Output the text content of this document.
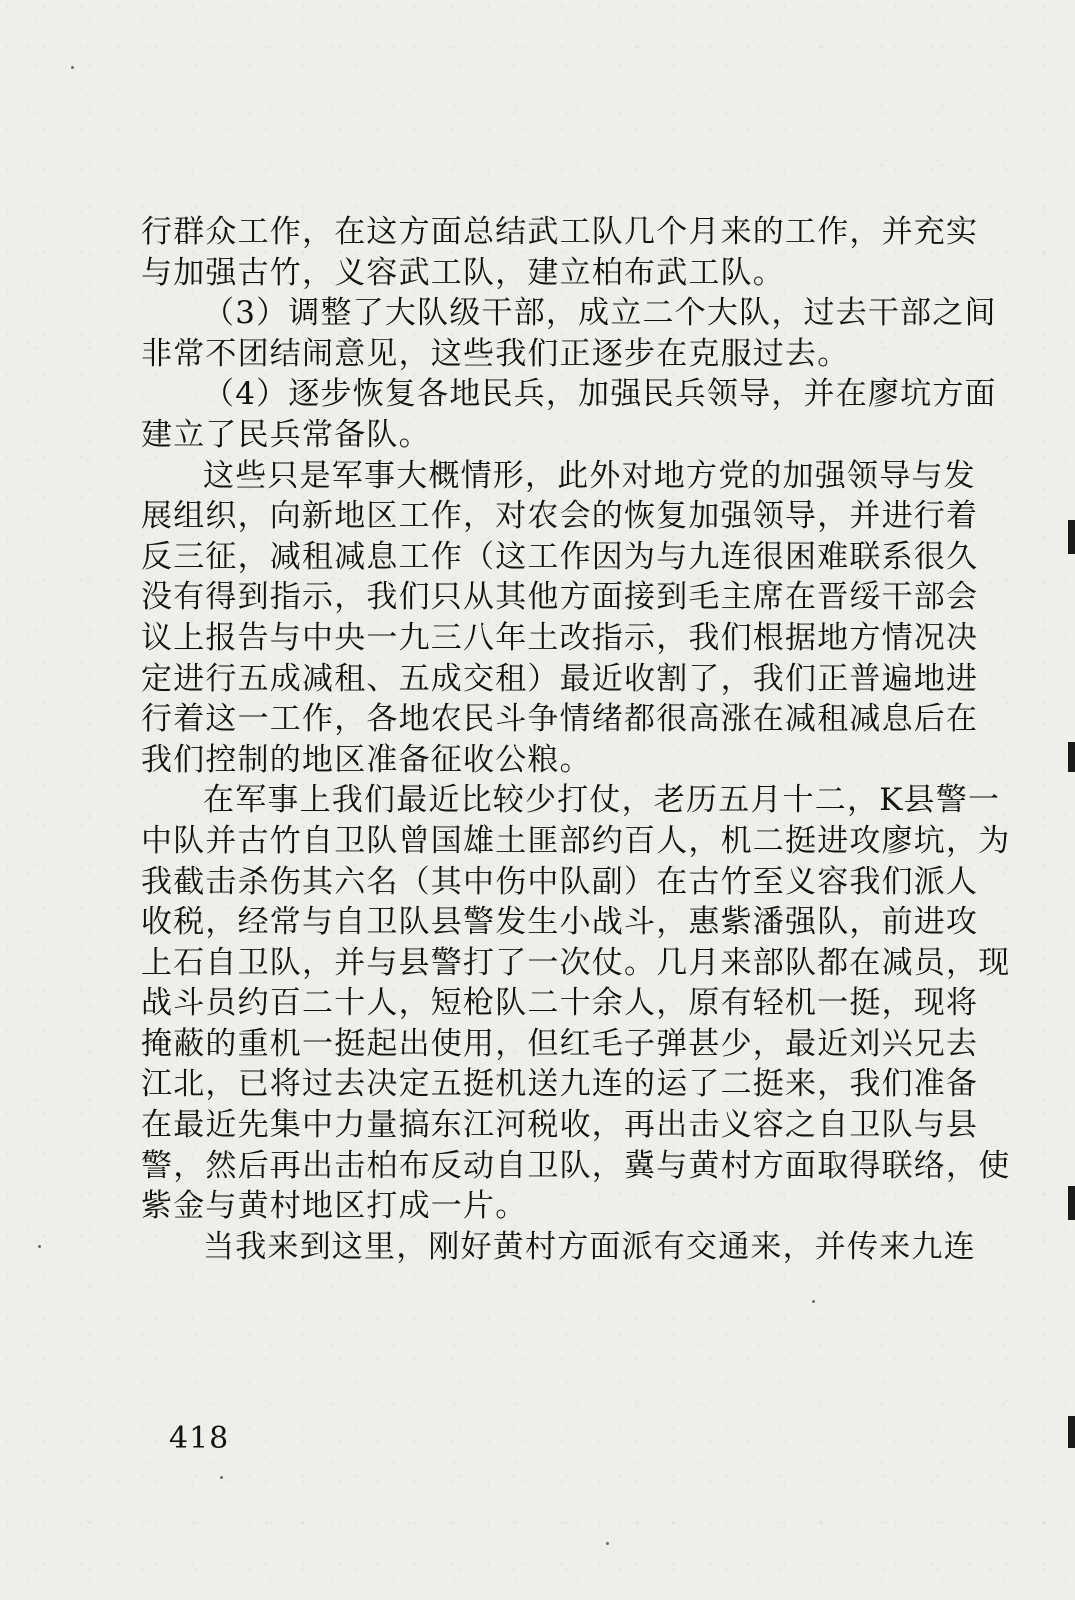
行群众工作，在这方面总结武工队几个月来的工作，并充实
与加强古竹，义容武工队，建立柏布武工队。
（3）调整了大队级干部，成立二个大队，过去干部之间
非常不团结闹意见，这些我们正逐步在克服过去。
（4）逐步恢复各地民兵，加强民兵领导，并在廖坑方面
建立了民兵常备队。
这些只是军事大概情形，此外对地方党的加强领导与发
展组织，向新地区工作，对农会的恢复加强领导，并进行着
反三征，减租减息工作（这工作因为与九连很困难联系很久
没有得到指示，我们只从其他方面接到毛主席在晋绥干部会
议上报告与中央一九三八年土改指示，我们根据地方情况决
定进行五成减租、五成交租）最近收割了，我们正普遍地进
行着这一工作，各地农民斗争情绪都很高涨在减租减息后在
我们控制的地区准备征收公粮。
在军事上我们最近比较少打仗，老历五月十二，K县警一
中队并古竹自卫队曾国雄土匪部约百人，机二挺进攻廖坑，为
我截击杀伤其六名（其中伤中队副）在古竹至义容我们派人
收税，经常与自卫队县警发生小战斗，惠紫潘强队，前进攻
上石自卫队，并与县警打了一次仗。几月来部队都在减员，现
战斗员约百二十人，短枪队二十余人，原有轻机一挺，现将
掩蔽的重机一挺起出使用，但红毛子弹甚少，最近刘兴兄去
江北，已将过去决定五挺机送九连的运了二挺来，我们准备
在最近先集中力量搞东江河税收，再出击义容之自卫队与县
警，然后再出击柏布反动自卫队，冀与黄村方面取得联络，使
紫金与黄村地区打成一片。
当我来到这里，刚好黄村方面派有交通来，并传来九连
418
